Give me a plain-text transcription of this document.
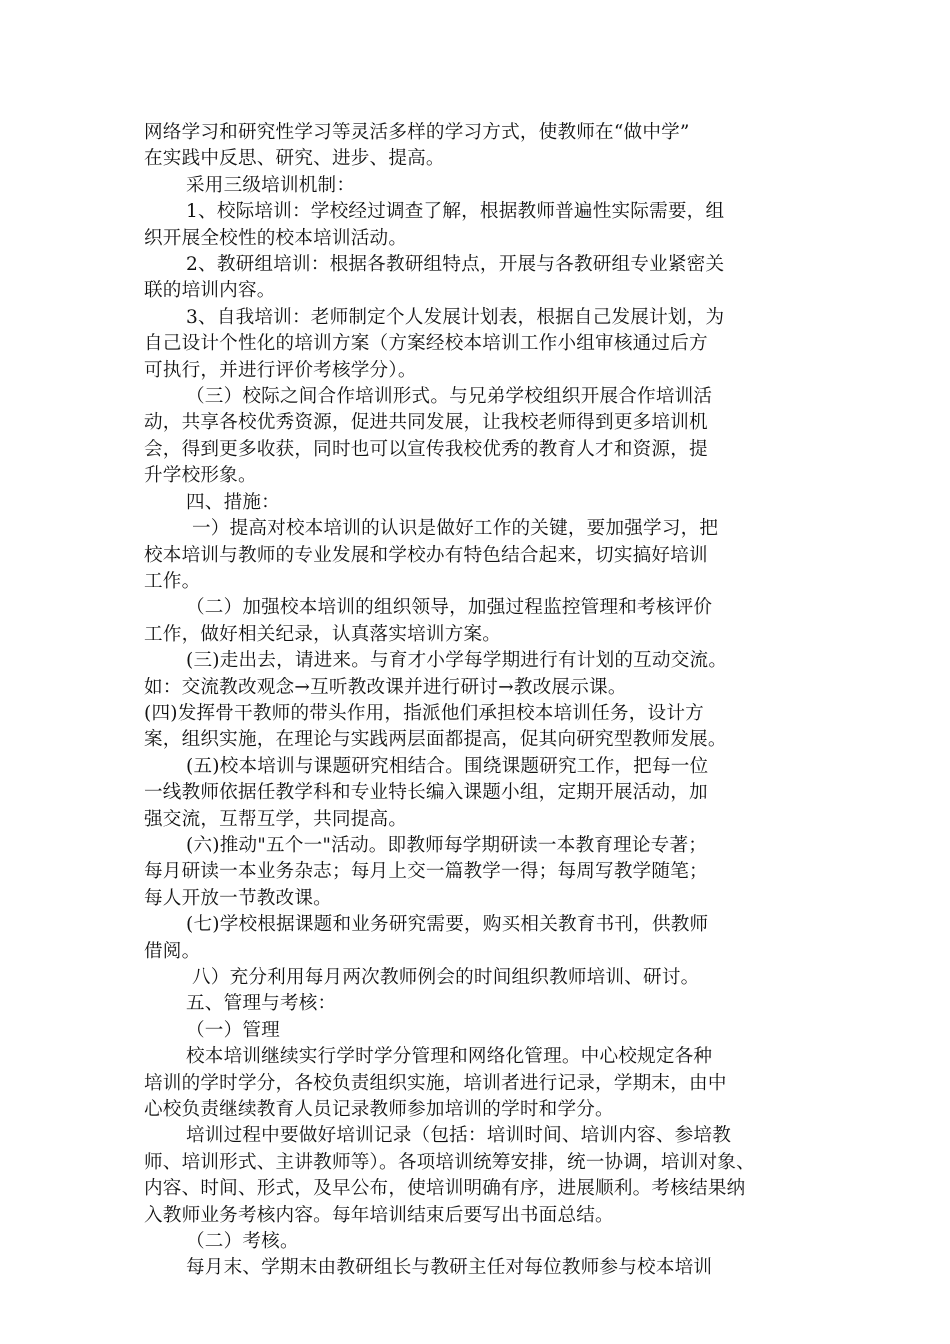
网络学习和研究性学习等灵活多样的学习方式，使教师在“做中学”
在实践中反思、研究、进步、提高。

采用三级培训机制：

1、校际培训：学校经过调查了解，根据教师普遍性实际需要，组
织开展全校性的校本培训活动。

2、教研组培训：根据各教研组特点，开展与各教研组专业紧密关
联的培训内容。

3、自我培训：老师制定个人发展计划表，根据自己发展计划，为
自己设计个性化的培训方案（方案经校本培训工作小组审核通过后方
可执行，并进行评价考核学分）。

（三）校际之间合作培训形式。与兄弟学校组织开展合作培训活
动，共享各校优秀资源，促进共同发展，让我校老师得到更多培训机
会，得到更多收获，同时也可以宣传我校优秀的教育人才和资源，提
升学校形象。

四、措施：

一）提高对校本培训的认识是做好工作的关键，要加强学习，把
校本培训与教师的专业发展和学校办有特色结合起来，切实搞好培训
工作。

（二）加强校本培训的组织领导，加强过程监控管理和考核评价
工作，做好相关纪录，认真落实培训方案。

(三)走出去，请进来。与育才小学每学期进行有计划的互动交流。
如：交流教改观念→互听教改课并进行研讨→教改展示课。

(四)发挥骨干教师的带头作用，指派他们承担校本培训任务，设计方
案，组织实施，在理论与实践两层面都提高，促其向研究型教师发展。

(五)校本培训与课题研究相结合。围绕课题研究工作，把每一位
一线教师依据任教学科和专业特长编入课题小组，定期开展活动，加
强交流，互帮互学，共同提高。

(六)推动"五个一"活动。即教师每学期研读一本教育理论专著；
每月研读一本业务杂志；每月上交一篇教学一得；每周写教学随笔；
每人开放一节教改课。

(七)学校根据课题和业务研究需要，购买相关教育书刊，供教师
借阅。

八）充分利用每月两次教师例会的时间组织教师培训、研讨。

五、管理与考核：

（一）管理

校本培训继续实行学时学分管理和网络化管理。中心校规定各种
培训的学时学分，各校负责组织实施，培训者进行记录，学期末，由中
心校负责继续教育人员记录教师参加培训的学时和学分。

培训过程中要做好培训记录（包括：培训时间、培训内容、参培教
师、培训形式、主讲教师等）。各项培训统筹安排，统一协调，培训对象、
内容、时间、形式，及早公布，使培训明确有序，进展顺利。考核结果纳
入教师业务考核内容。每年培训结束后要写出书面总结。

（二）考核。

每月末、学期末由教研组长与教研主任对每位教师参与校本培训
